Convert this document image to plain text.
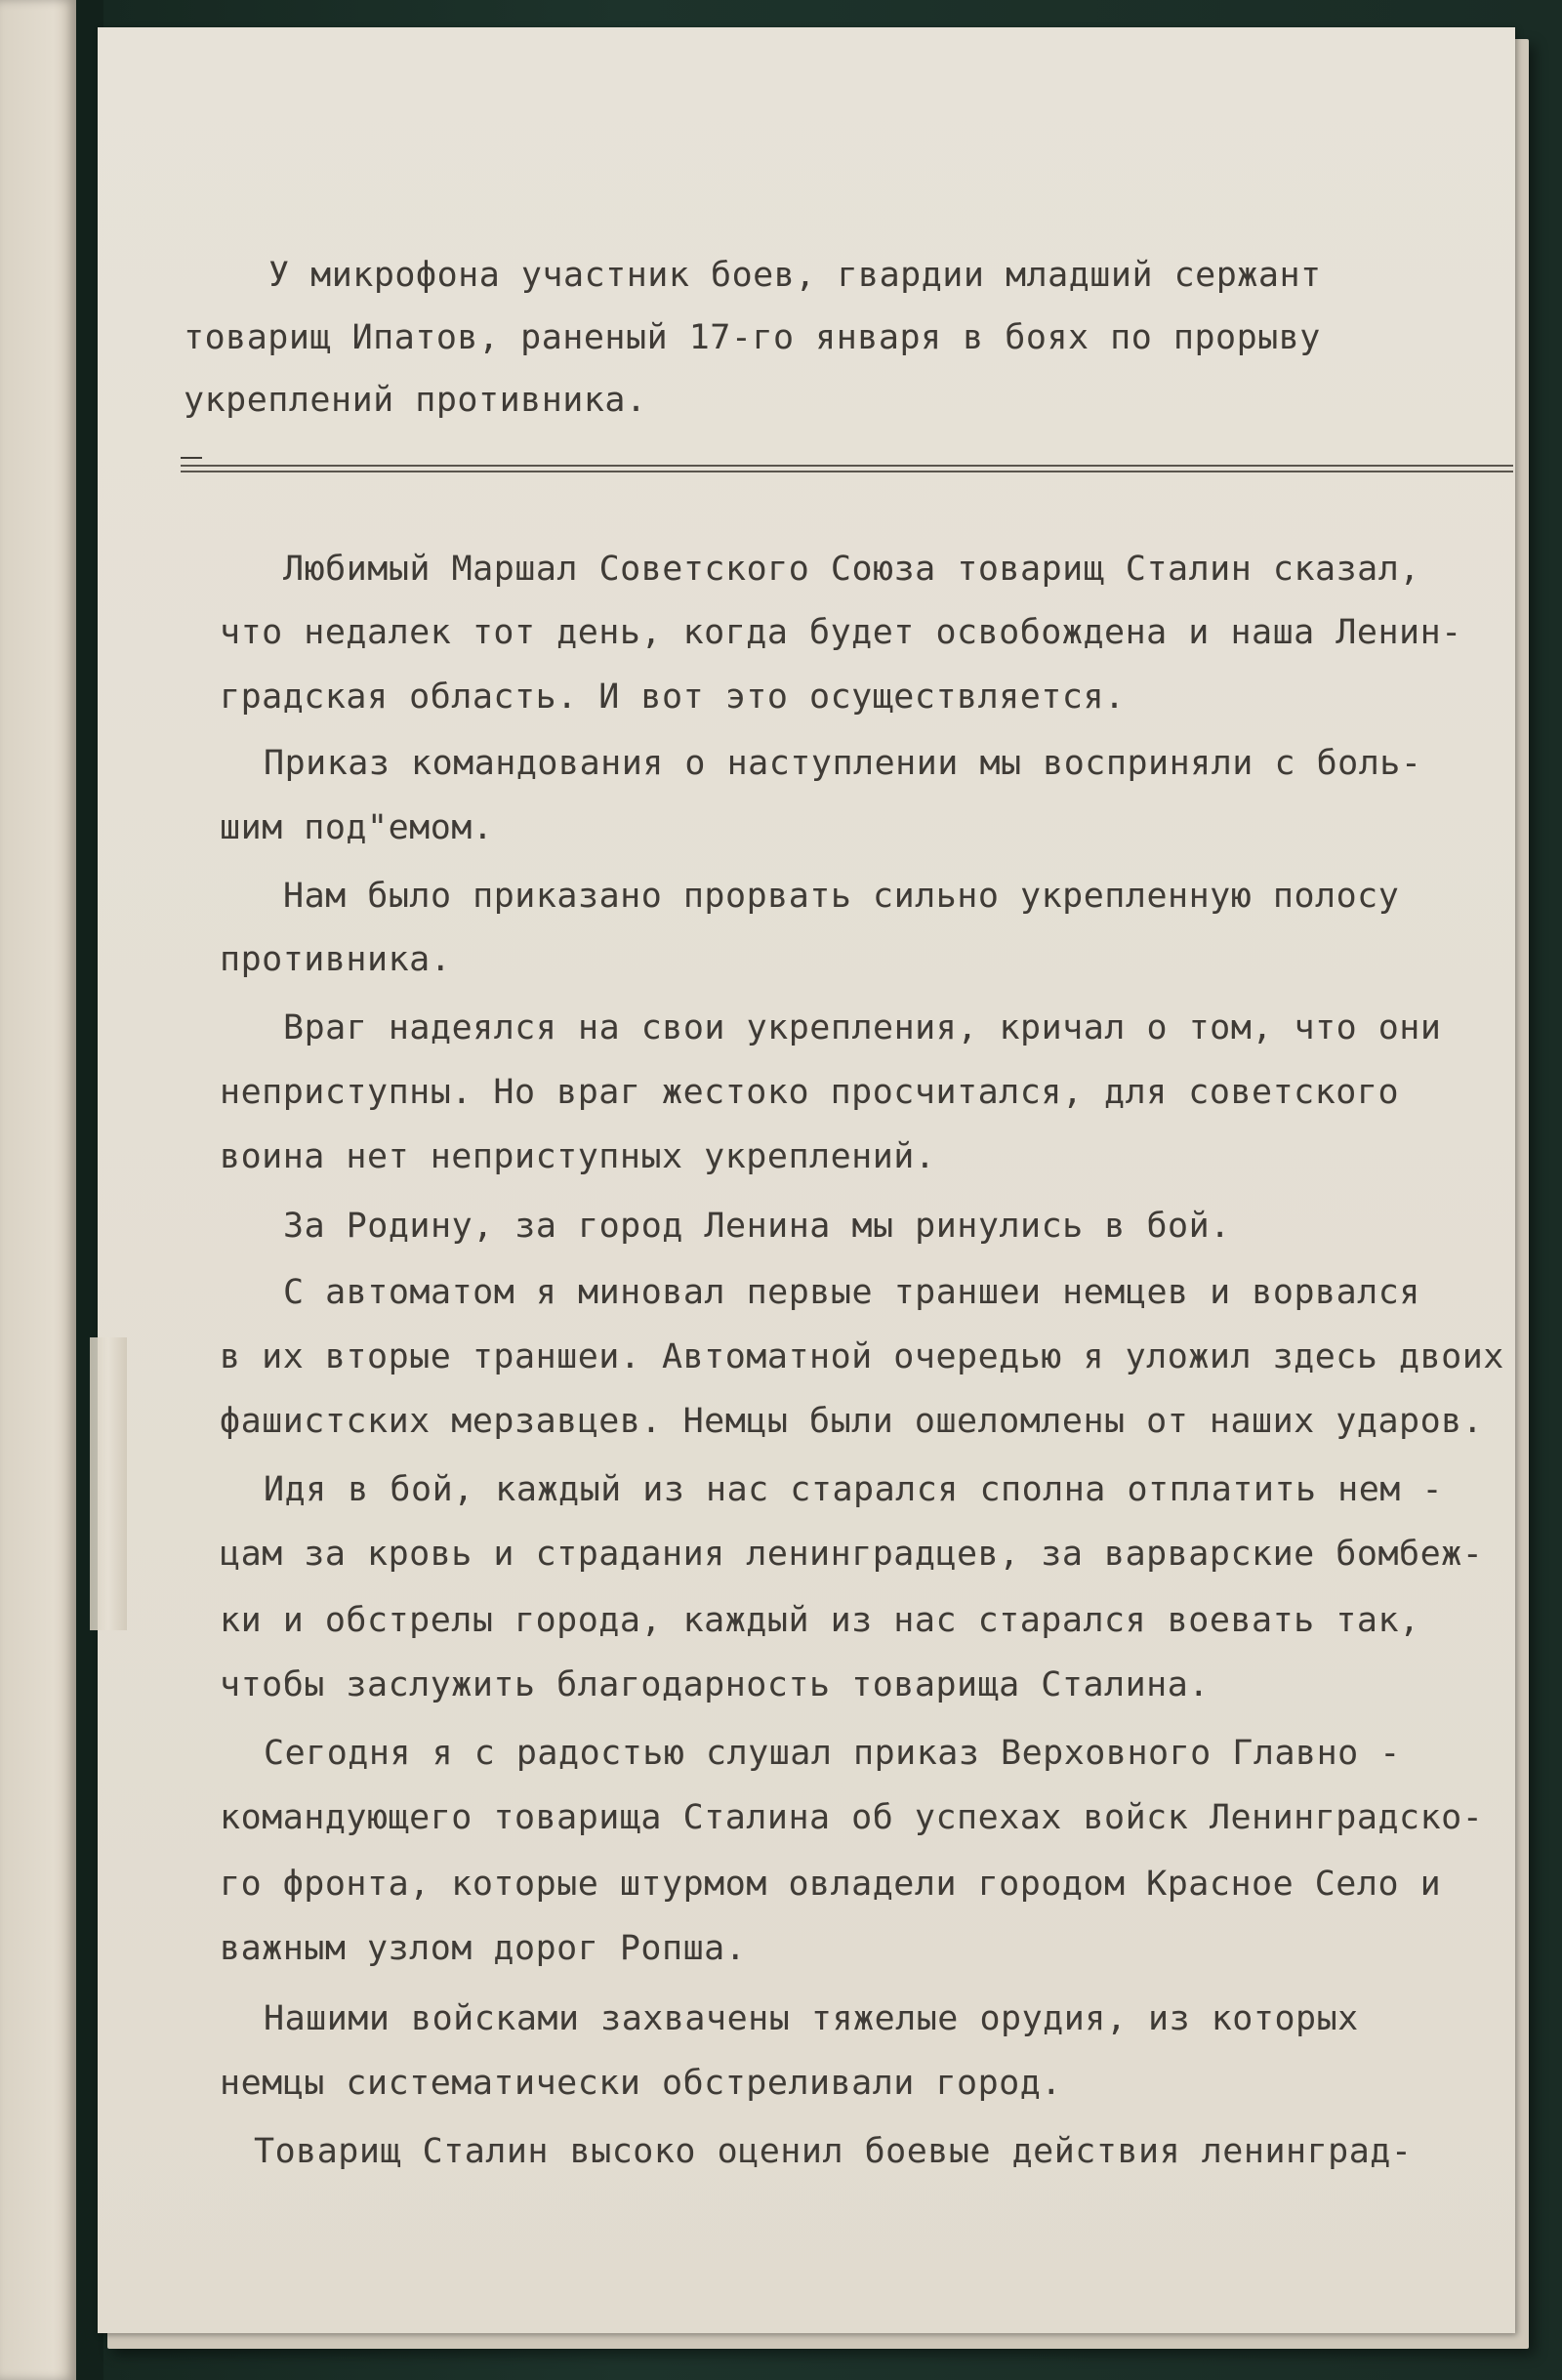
У микрофона участник боев, гвардии младший сержант

товарищ Ипатов, раненый 17-го января в боях по прорыву

укреплений противника.

Любимый Маршал Советского Союза товарищ Сталин сказал,

что недалек тот день, когда будет освобождена и наша Ленин-

градская область. И вот это осуществляется.

Приказ командования о наступлении мы восприняли с боль-

шим под"емом.

Нам было приказано прорвать сильно укрепленную полосу

противника.

Враг надеялся на свои укрепления, кричал о том, что они

неприступны. Но враг жестоко просчитался, для советского

воина нет неприступных укреплений.

За Родину, за город Ленина мы ринулись в бой.

С автоматом я миновал первые траншеи немцев и ворвался

в их вторые траншеи. Автоматной очередью я уложил здесь двоих

фашистских мерзавцев. Немцы были ошеломлены от наших ударов.

Идя в бой, каждый из нас старался сполна отплатить нем -

цам за кровь и страдания ленинградцев, за варварские бомбеж-

ки и обстрелы города, каждый из нас старался воевать так,

чтобы заслужить благодарность товарища Сталина.

Сегодня я с радостью слушал приказ Верховного Главно -

командующего товарища Сталина об успехах войск Ленинградско-

го фронта, которые штурмом овладели городом Красное Село и

важным узлом дорог Ропша.

Нашими войсками захвачены тяжелые орудия, из которых

немцы систематически обстреливали город.

Товарищ Сталин высоко оценил боевые действия ленинград-
